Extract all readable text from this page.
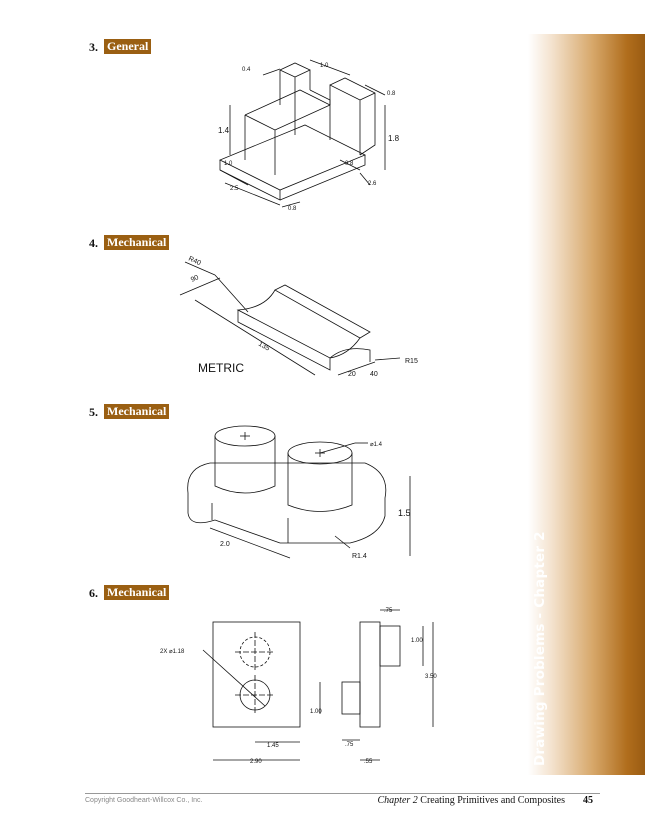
Drawing Problems - Chapter 2
3. General
0.4
1.0
0.8
1.4
1.8
1.0	0.8
2.5
2.6
0.8
4. Mechanical
R40
90
135
METRIC	20 40
R15
5. Mechanical
⌀1.4
1.5
2.0
R1.4
6. Mechanical
2X ⌀1.18
.75
1.00
3.50
1.00
.75
1.45
2.90	.55
Copyright Goodheart-Willcox Co., Inc.	Chapter 2 Creating Primitives and Composites 45
